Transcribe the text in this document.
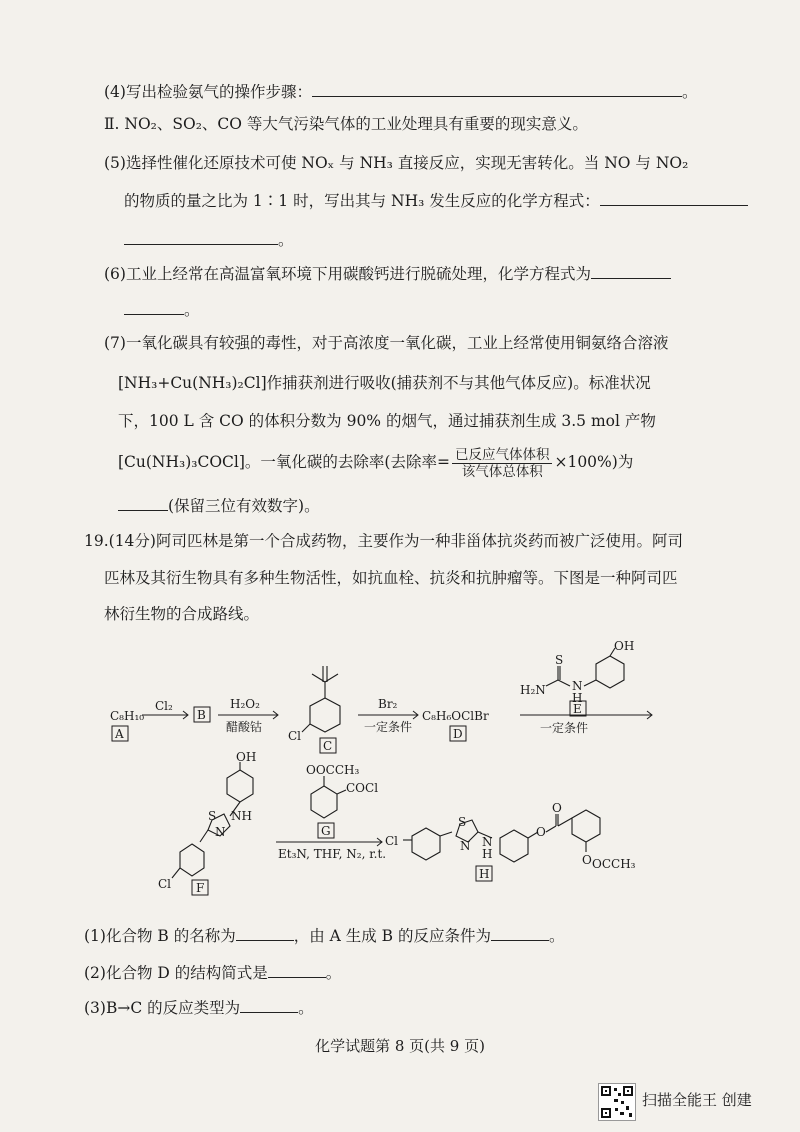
(4)写出检验氨气的操作步骤：	。
Ⅱ. NO₂、SO₂、CO 等大气污染气体的工业处理具有重要的现实意义。
(5)选择性催化还原技术可使 NOₓ 与 NH₃ 直接反应，实现无害转化。当 NO 与 NO₂
的物质的量之比为 1∶1 时，写出其与 NH₃ 发生反应的化学方程式：
。
(6)工业上经常在高温富氧环境下用碳酸钙进行脱硫处理，化学方程式为
。
(7)一氧化碳具有较强的毒性，对于高浓度一氧化碳，工业上经常使用铜氨络合溶液
[NH₃+Cu(NH₃)₂Cl]作捕获剂进行吸收(捕获剂不与其他气体反应)。标准状况
下，100 L 含 CO 的体积分数为 90% 的烟气，通过捕获剂生成 3.5 mol 产物
[Cu(NH₃)₃COCl]。一氧化碳的去除率(去除率= $\frac{\text{已反应气体体积}}{\text{该气体总体积}} \times 100\%$)为
(保留三位有效数字)。
19.(14分)阿司匹林是第一个合成药物，主要作为一种非甾体抗炎药而被广泛使用。阿司
匹林及其衍生物具有多种生物活性，如抗血栓、抗炎和抗肿瘤等。下图是一种阿司匹
林衍生物的合成路线。
C₈H₁₀
A
Cl₂
B
H₂O₂
醋酸钴
Cl
C
Br₂
一定条件
C₈H₆OClBr
D
OH
S
H₂N N
H
E
一定条件
OH
S
N
NH
Cl F
OOCCH₃
COCl
G
Et₃N, THF, N₂, r.t.
Cl
S
N N
H
O
O
O OCCH₃
H
(1)化合物 B 的名称为	，由 A 生成 B 的反应条件为	。
(2)化合物 D 的结构简式是	。
(3)B→C 的反应类型为	。
化学试题第 8 页(共 9 页)
扫描全能王 创建
